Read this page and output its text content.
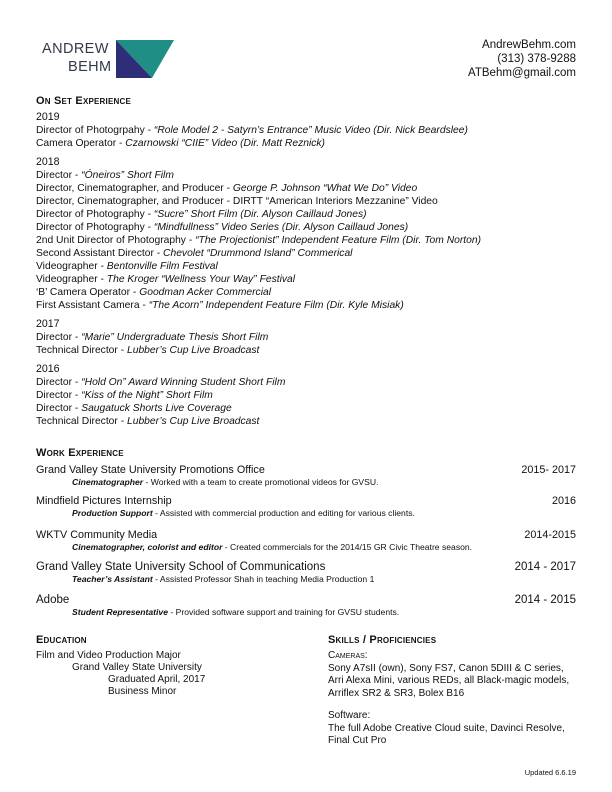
ANDREW
BEHM
AndrewBehm.com
(313) 378-9288
ATBehm@gmail.com
On Set Experience
2019
Director of Photogrpahy - “Role Model 2 - Satyrn’s Entrance” Music Video (Dir. Nick Beardslee)
Camera Operator - Czarnowski “CIIE” Video (Dir. Matt Reznick)
2018
Director - “Óneiros” Short Film
Director, Cinematographer, and Producer - George P. Johnson “What We Do” Video
Director, Cinematographer, and Producer - DIRTT “American Interiors Mezzanine” Video
Director of Photography - “Sucre” Short Film (Dir. Alyson Caillaud Jones)
Director of Photography - “Mindfullness” Video Series (Dir. Alyson Caillaud Jones)
2nd Unit Director of Photography - “The Projectionist” Independent Feature Film (Dir. Tom Norton)
Second Assistant Director - Chevolet “Drummond Island” Commerical
Videographer - Bentonville Film Festival
Videographer - The Kroger “Wellness Your Way” Festival
‘B’ Camera Operator - Goodman Acker Commercial
First Assistant Camera - “The Acorn” Independent Feature Film (Dir. Kyle Misiak)
2017
Director - “Marie” Undergraduate Thesis Short Film
Technical Director - Lubber’s Cup Live Broadcast
2016
Director - “Hold On” Award Winning Student Short Film
Director - “Kiss of the Night” Short Film
Director - Saugatuck Shorts Live Coverage
Technical Director - Lubber’s Cup Live Broadcast
Work Experience
Grand Valley State University Promotions Office	2015- 2017
Cinematographer - Worked with a team to create promotional videos for GVSU.
Mindfield Pictures Internship	2016
Production Support - Assisted with commercial production and editing for various clients.
WKTV Community Media	2014-2015
Cinematographer, colorist and editor - Created commercials for the 2014/15 GR Civic Theatre season.
Grand Valley State University School of Communications	2014 - 2017
Teacher’s Assistant - Assisted Professor Shah in teaching Media Production 1
Adobe	2014 - 2015
Student Representative - Provided software support and training for GVSU students.
Education
Film and Video Production Major
Grand Valley State University
Graduated April, 2017
Business Minor
Skills / Proficiencies
Cameras:
Sony A7sII (own), Sony FS7, Canon 5DIII & C series, Arri Alexa Mini, various REDs, all Black-magic models, Arriflex SR2 & SR3, Bolex B16
Software:
The full Adobe Creative Cloud suite, Davinci Resolve, Final Cut Pro
Updated 6.6.19
